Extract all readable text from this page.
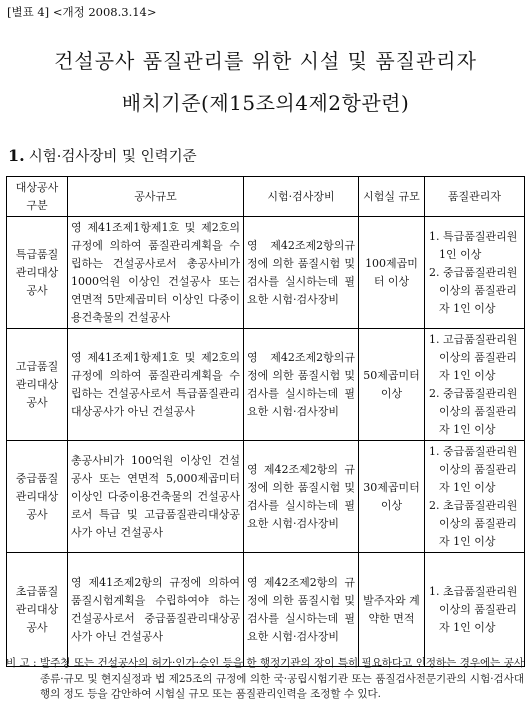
[별표 4] <개정 2008.3.14>
건설공사 품질관리를 위한 시설 및 품질관리자
배치기준(제15조의4제2항관련)
1. 시험·검사장비 및 인력기준
대상공사 구분	공사규모	시험·검사장비	시험실 규모	품질관리자
특급품질 관리대상 공사	영 제41조제1항제1호 및 제2호의 규정에 의하여 품질관리계획을 수립하는 건설공사로서 총공사비가 1000억원 이상인 건설공사 또는 연면적 5만제곱미터 이상인 다중이용건축물의 건설공사	영 제42조제2항의규정에 의한 품질시험 및 검사를 실시하는데 필요한 시험·검사장비	100제곱미터 이상	1. 특급품질관리원 1인 이상
2. 중급품질관리원 이상의 품질관리자 1인 이상

고급품질 관리대상 공사	영 제41조제1항제1호 및 제2호의 규정에 의하여 품질관리계획을 수립하는 건설공사로서 특급품질관리대상공사가 아닌 건설공사	영 제42조제2항의규정에 의한 품질시험 및 검사를 실시하는데 필요한 시험·검사장비	50제곱미터 이상	1. 고급품질관리원 이상의 품질관리자 1인 이상
2. 중급품질관리원 이상의 품질관리자 1인 이상

중급품질 관리대상 공사	총공사비가 100억원 이상인 건설공사 또는 연면적 5,000제곱미터 이상인 다중이용건축물의 건설공사로서 특급 및 고급품질관리대상공사가 아닌 건설공사	영 제42조제2항의 규정에 의한 품질시험 및 검사를 실시하는데 필요한 시험·검사장비	30제곱미터 이상	1. 중급품질관리원 이상의 품질관리자 1인 이상
2. 초급품질관리원 이상의 품질관리자 1인 이상

초급품질 관리대상 공사	영 제41조제2항의 규정에 의하여 품질시험계획을 수립하여야 하는 건설공사로서 중급품질관리대상공사가 아닌 건설공사	영 제42조제2항의 규정에 의한 품질시험 및 검사를 실시하는데 필요한 시험·검사장비	발주자와 계약한 면적	1. 초급품질관리원 이상의 품질관리자 1인 이상
비 고 : 발주청 또는 건설공사의 허가·인가·승인 등을 한 행정기관의 장이 특히 필요하다고 인정하는 경우에는 공사종류·규모 및 현지실정과 법 제25조의 규정에 의한 국·공립시험기관 또는 품질검사전문기관의 시험·검사대행의 정도 등을 감안하여 시험실 규모 또는 품질관리인력을 조정할 수 있다.
